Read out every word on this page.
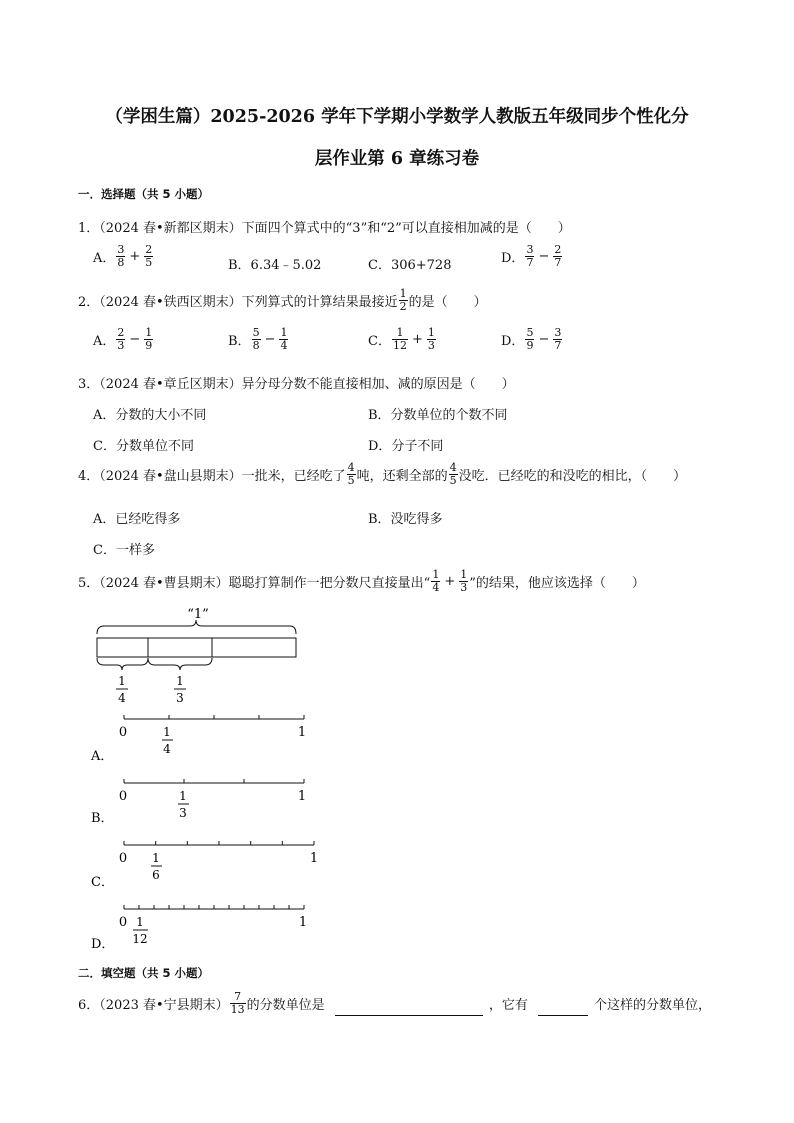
（学困生篇）2025-2026 学年下学期小学数学人教版五年级同步个性化分
层作业第 6 章练习卷
一．选择题（共 5 小题）
1．（2024 春•新都区期末）下面四个算式中的“3”和“2”可以直接相加减的是（　　）
A． $\frac{3}{8} + \frac{2}{5}$	B．6.34﹣5.02	C．306+728	D． $\frac{3}{7} - \frac{2}{7}$
2．（2024 春•铁西区期末）下列算式的计算结果最接近 $\frac{1}{2}$ 的是（　　）
A． $\frac{2}{3} - \frac{1}{9}$	B． $\frac{5}{8} - \frac{1}{4}$	C． $\frac{1}{12} + \frac{1}{3}$	D． $\frac{5}{9} - \frac{3}{7}$
3．（2024 春•章丘区期末）异分母分数不能直接相加、减的原因是（　　）
A．分数的大小不同	B．分数单位的个数不同
C．分数单位不同	D．分子不同
4．（2024 春•盘山县期末）一批米，已经吃了 $\frac{4}{5}$ 吨，还剩全部的 $\frac{4}{5}$ 没吃．已经吃的和没吃的相比，（　　）
A．已经吃得多	B．没吃得多
C．一样多
5．（2024 春•曹县期末）聪聪打算制作一把分数尺直接量出“ $\frac{1}{4} + \frac{1}{3}$ ”的结果，他应该选择（　　）
“1”
1
4
1
3
0	1
1
4
A．
0	1
1
3
B．
0	1
1
6
C．
0	1
1
12
D．
二．填空题（共 5 小题）
6．（2023 春•宁县期末） $\frac{7}{13}$ 的分数单位是	，它有	个这样的分数单位，
